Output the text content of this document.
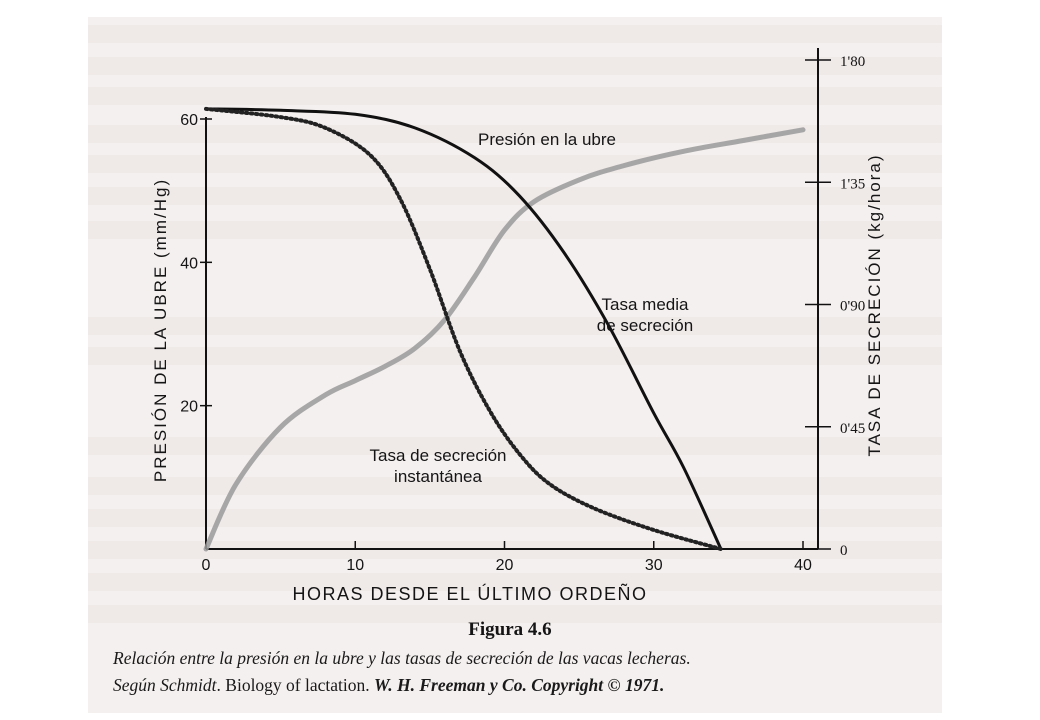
0	10	20	30	40
20
40
60
0
0'45
0'90
1'35
1'80
HORAS DESDE EL ÚLTIMO ORDEÑO
PRESIÓN DE LA UBRE (mm/Hg)	TASA DE SECRECIÓN (kg/hora)
Presión en la ubre
Tasa media
de secreción
Tasa de secreción
instantánea
Figura 4.6
Relación entre la presión en la ubre y las tasas de secreción de las vacas lecheras.
Según Schmidt. Biology of lactation. W. H. Freeman y Co. Copyright © 1971.
